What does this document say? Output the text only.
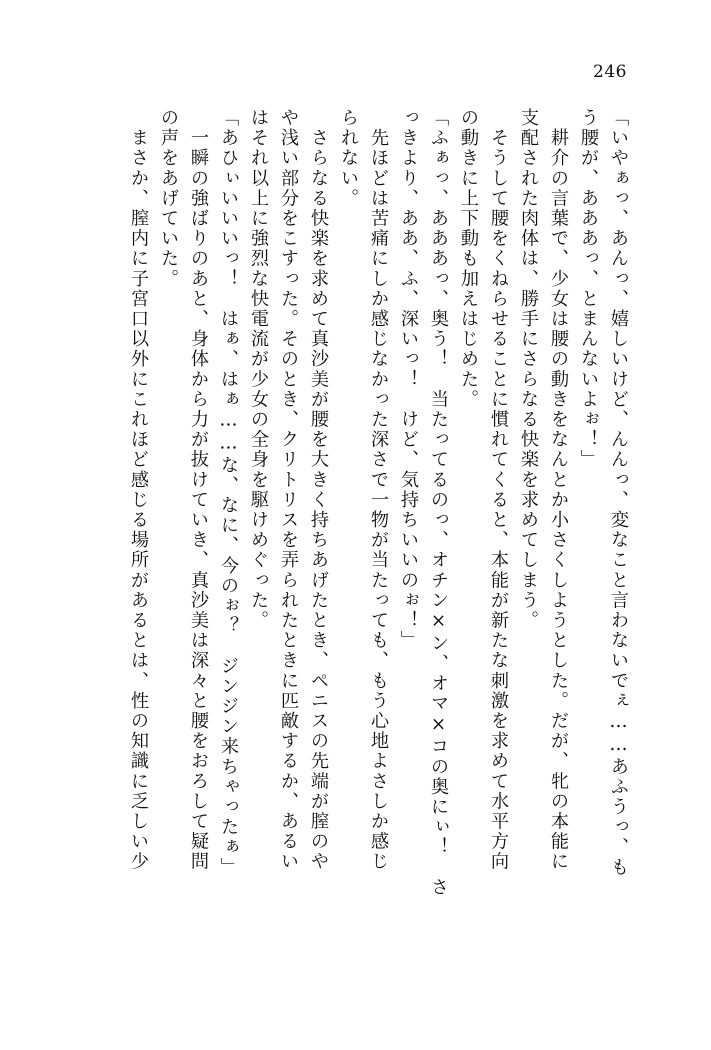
246
「いやぁっ、あんっ、嬉しいけど、んんっ、変なこと言わないでぇ……あふうっ、も
う腰が、あああっ、とまんないよぉ！」
　耕介の言葉で、少女は腰の動きをなんとか小さくしようとした。だが、牝の本能に
支配された肉体は、勝手にさらなる快楽を求めてしまう。
　そうして腰をくねらせることに慣れてくると、本能が新たな刺激を求めて水平方向
の動きに上下動も加えはじめた。
「ふぁっ、あああっ、奥う！　当たってるのっ、オチン×ン、オマ×コの奥にぃ！　さ
っきより、ああ、ふ、深いっ！　けど、気持ちいいのぉ！」
　先ほどは苦痛にしか感じなかった深さで一物が当たっても、もう心地よさしか感じ
られない。
　さらなる快楽を求めて真沙美が腰を大きく持ちあげたとき、ペニスの先端が膣のや
や浅い部分をこすった。そのとき、クリトリスを弄られたときに匹敵するか、あるい
はそれ以上に強烈な快電流が少女の全身を駆けめぐった。
「あひぃいいいっ！　はぁ、はぁ……な、なに、今のぉ？　ジンジン来ちゃったぁ」
　一瞬の強ばりのあと、身体から力が抜けていき、真沙美は深々と腰をおろして疑問
の声をあげていた。
　まさか、膣内に子宮口以外にこれほど感じる場所があるとは、性の知識に乏しい少
